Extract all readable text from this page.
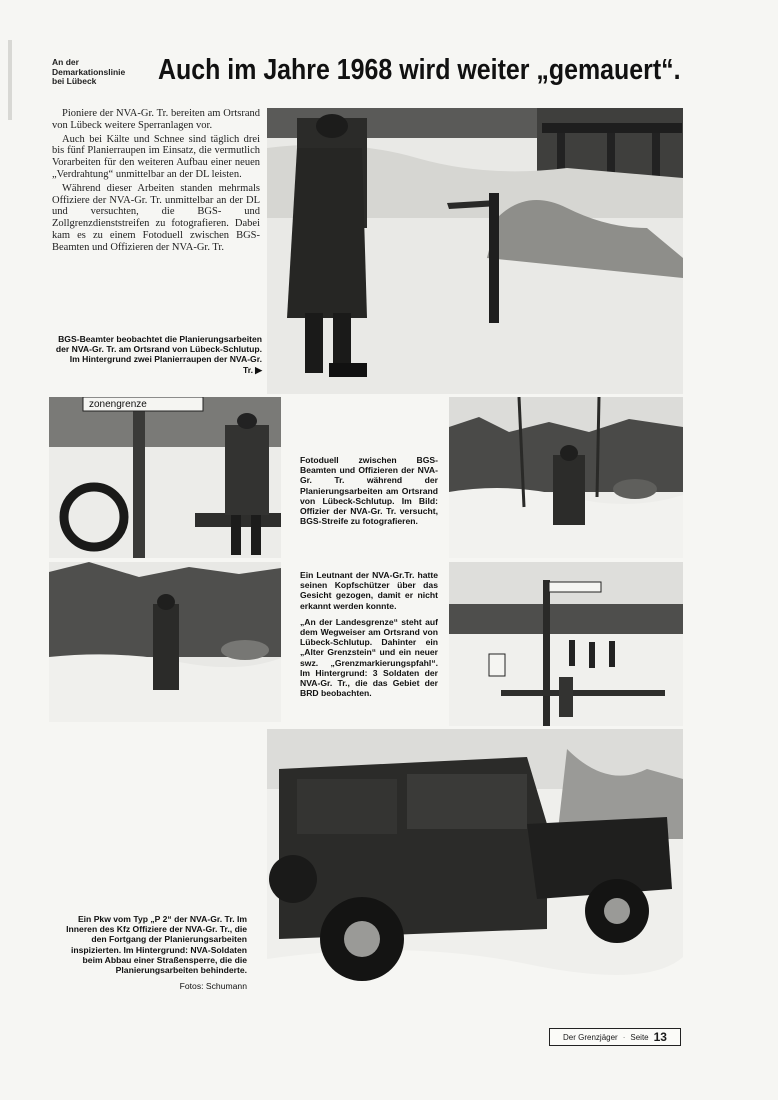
An der
Demarkationslinie
bei Lübeck	Auch im Jahre 1968 wird weiter „gemauert“.

Pioniere der NVA-Gr. Tr. bereiten am Ortsrand von Lübeck weitere Sperranlagen vor.

Auch bei Kälte und Schnee sind täglich drei bis fünf Planierraupen im Einsatz, die vermutlich Vorarbeiten für den weiteren Aufbau einer neuen „Verdrahtung“ unmittelbar an der DL leisten.

Während dieser Arbeiten standen mehrmals Offiziere der NVA-Gr. Tr. unmittelbar an der DL und versuchten, die BGS- und Zollgrenzdienststreifen zu fotografieren. Dabei kam es zu einem Fotoduell zwischen BGS-Beamten und Offizieren der NVA-Gr. Tr.

BGS-Beamter beobachtet die Planierungsarbeiten der NVA-Gr. Tr. am Ortsrand von Lübeck-Schlutup. Im Hintergrund zwei Planierraupen der NVA-Gr. Tr. ▶
zonengrenze

Fotoduell zwischen BGS-Beamten und Offizieren der NVA-Gr. Tr. während der Planierungsarbeiten am Ortsrand von Lübeck-Schlutup. Im Bild: Offizier der NVA-Gr. Tr. versucht, BGS-Streife zu fotografieren.

Ein Leutnant der NVA-Gr.Tr. hatte seinen Kopfschützer über das Gesicht gezogen, damit er nicht erkannt werden konnte.

„An der Landesgrenze“ steht auf dem Wegweiser am Ortsrand von Lübeck-Schlutup. Dahinter ein „Alter Grenzstein“ und ein neuer swz. „Grenzmarkierungspfahl“. Im Hintergrund: 3 Soldaten der NVA-Gr. Tr., die das Gebiet der BRD beobachten.

Ein Pkw vom Typ „P 2“ der NVA-Gr. Tr. Im Inneren des Kfz Offiziere der NVA-Gr. Tr., die den Fortgang der Planierungsarbeiten inspizierten. Im Hintergrund: NVA-Soldaten beim Abbau einer Straßensperre, die die Planierungsarbeiten behinderte.

Fotos: Schumann

Der Grenzjäger · Seite 13
